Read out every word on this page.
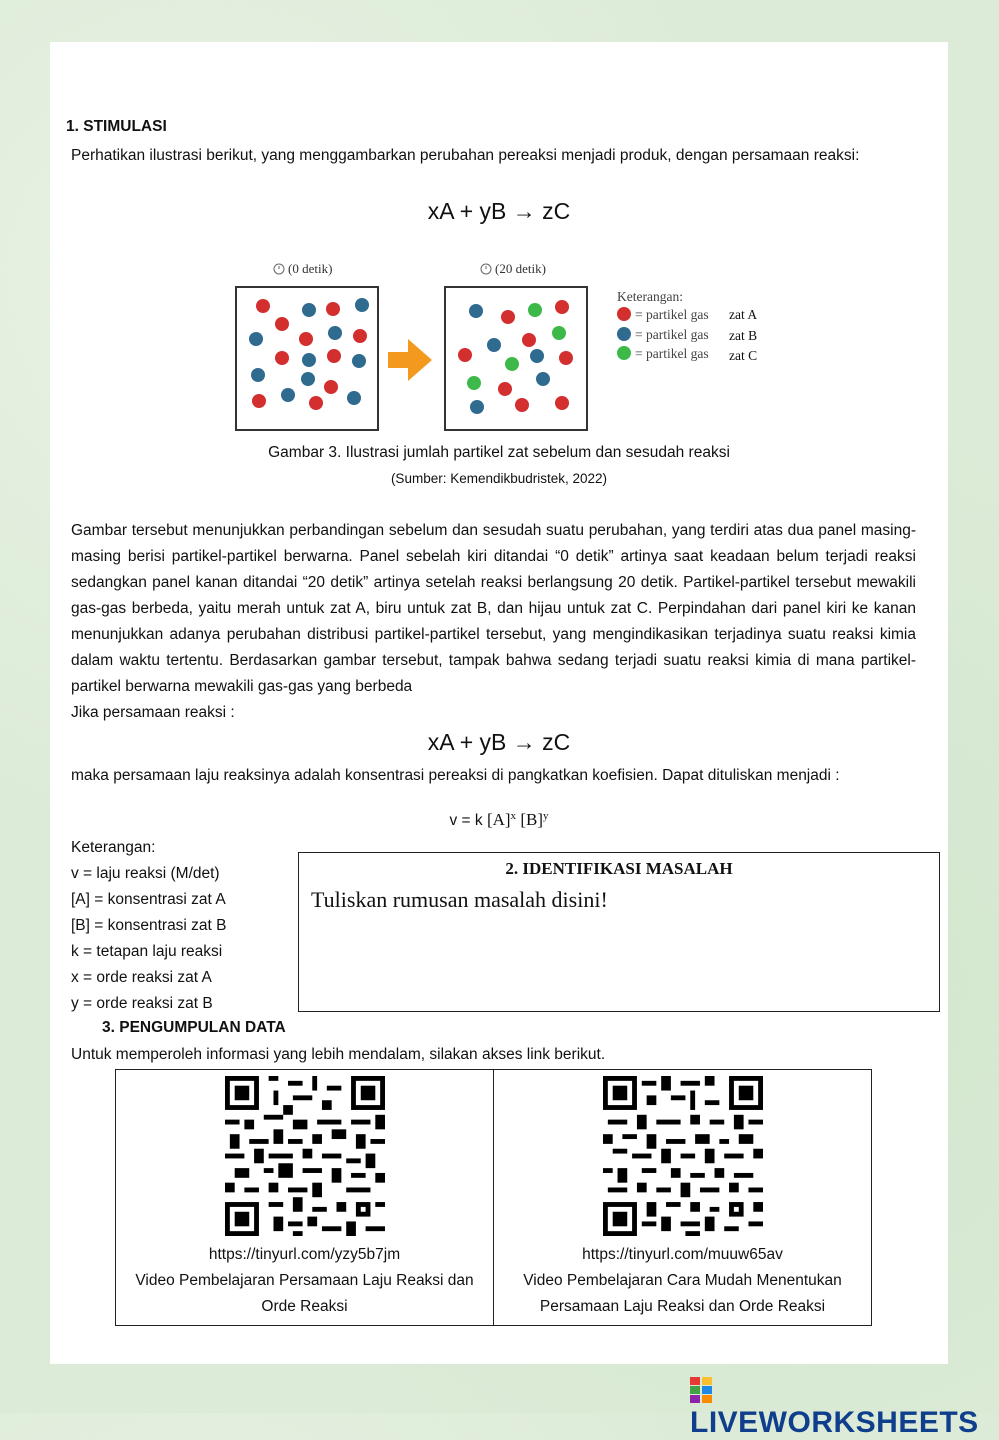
1. STIMULASI
Perhatikan ilustrasi berikut, yang menggambarkan perubahan pereaksi menjadi produk, dengan persamaan reaksi:
xA + yB → zC
(0 detik)	(20 detik)
Keterangan:
= partikel gas zat A
= partikel gas zat B
= partikel gas zat C
Gambar 3. Ilustrasi jumlah partikel zat sebelum dan sesudah reaksi
(Sumber: Kemendikbudristek, 2022)
Gambar tersebut menunjukkan perbandingan sebelum dan sesudah suatu perubahan, yang terdiri atas dua panel masing-masing berisi partikel-partikel berwarna. Panel sebelah kiri ditandai “0 detik” artinya saat keadaan belum terjadi reaksi sedangkan panel kanan ditandai “20 detik” artinya setelah reaksi berlangsung 20 detik. Partikel-partikel tersebut mewakili gas-gas berbeda, yaitu merah untuk zat A, biru untuk zat B, dan hijau untuk zat C. Perpindahan dari panel kiri ke kanan menunjukkan adanya perubahan distribusi partikel-partikel tersebut, yang mengindikasikan terjadinya suatu reaksi kimia dalam waktu tertentu. Berdasarkan gambar tersebut, tampak bahwa sedang terjadi suatu reaksi kimia di mana partikel-partikel berwarna mewakili gas-gas yang berbeda
Jika persamaan reaksi :
xA + yB → zC
maka persamaan laju reaksinya adalah konsentrasi pereaksi di pangkatkan koefisien. Dapat dituliskan menjadi :
v = k $[A]^x$ $[B]^y$
Keterangan:
v = laju reaksi (M/det)
[A] = konsentrasi zat A
[B] = konsentrasi zat B
k = tetapan laju reaksi
x = orde reaksi zat A
y = orde reaksi zat B
2. IDENTIFIKASI MASALAH
Tuliskan rumusan masalah disini!
3. PENGUMPULAN DATA
Untuk memperoleh informasi yang lebih mendalam, silakan akses link berikut.
https://tinyurl.com/yzy5b7jm
Video Pembelajaran Persamaan Laju Reaksi dan Orde Reaksi

https://tinyurl.com/muuw65av
Video Pembelajaran Cara Mudah Menentukan Persamaan Laju Reaksi dan Orde Reaksi
LIVEWORKSHEETS
